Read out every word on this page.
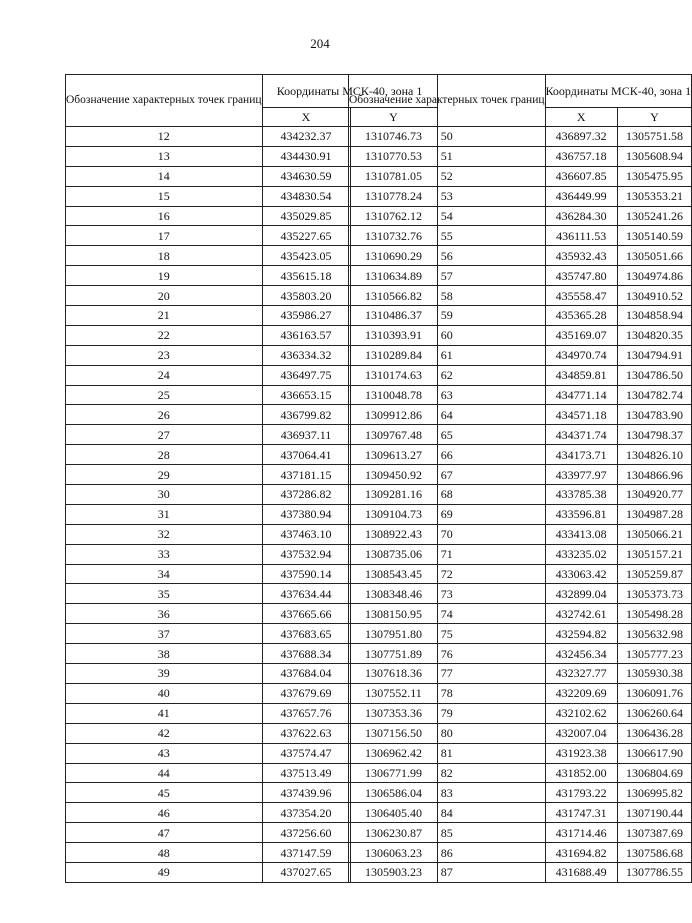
204
Обозначение характерных точек границ	Координаты МСК-40, зона 1	
	X	Y
12	434232.37	1310746.73
13	434430.91	1310770.53
14	434630.59	1310781.05
15	434830.54	1310778.24
16	435029.85	1310762.12
17	435227.65	1310732.76
18	435423.05	1310690.29
19	435615.18	1310634.89
20	435803.20	1310566.82
21	435986.27	1310486.37
22	436163.57	1310393.91
23	436334.32	1310289.84
24	436497.75	1310174.63
25	436653.15	1310048.78
26	436799.82	1309912.86
27	436937.11	1309767.48
28	437064.41	1309613.27
29	437181.15	1309450.92
30	437286.82	1309281.16
31	437380.94	1309104.73
32	437463.10	1308922.43
33	437532.94	1308735.06
34	437590.14	1308543.45
35	437634.44	1308348.46
36	437665.66	1308150.95
37	437683.65	1307951.80
38	437688.34	1307751.89
39	437684.04	1307618.36
40	437679.69	1307552.11
41	437657.76	1307353.36
42	437622.63	1307156.50
43	437574.47	1306962.42
44	437513.49	1306771.99
45	437439.96	1306586.04
46	437354.20	1306405.40
47	437256.60	1306230.87
48	437147.59	1306063.23
49	437027.65	1305903.23
Обозначение характерных точек границ	Координаты МСК-40, зона 1	
	X	Y
50	436897.32	1305751.58
51	436757.18	1305608.94
52	436607.85	1305475.95
53	436449.99	1305353.21
54	436284.30	1305241.26
55	436111.53	1305140.59
56	435932.43	1305051.66
57	435747.80	1304974.86
58	435558.47	1304910.52
59	435365.28	1304858.94
60	435169.07	1304820.35
61	434970.74	1304794.91
62	434859.81	1304786.50
63	434771.14	1304782.74
64	434571.18	1304783.90
65	434371.74	1304798.37
66	434173.71	1304826.10
67	433977.97	1304866.96
68	433785.38	1304920.77
69	433596.81	1304987.28
70	433413.08	1305066.21
71	433235.02	1305157.21
72	433063.42	1305259.87
73	432899.04	1305373.73
74	432742.61	1305498.28
75	432594.82	1305632.98
76	432456.34	1305777.23
77	432327.77	1305930.38
78	432209.69	1306091.76
79	432102.62	1306260.64
80	432007.04	1306436.28
81	431923.38	1306617.90
82	431852.00	1306804.69
83	431793.22	1306995.82
84	431747.31	1307190.44
85	431714.46	1307387.69
86	431694.82	1307586.68
87	431688.49	1307786.55
